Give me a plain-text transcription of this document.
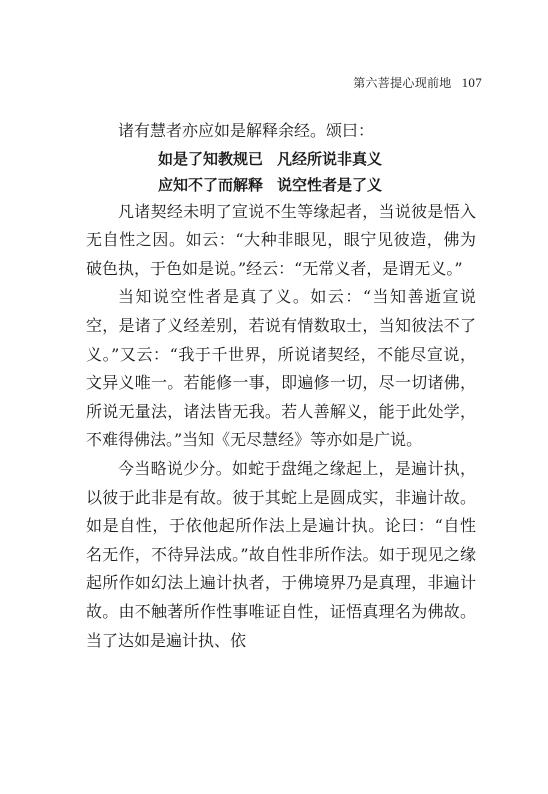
第六菩提心现前地 107

诸有慧者亦应如是解释余经。颂曰：

如是了知教规已 凡经所说非真义
应知不了而解释 说空性者是了义

凡诸契经未明了宣说不生等缘起者，当说彼是悟入无自性之因。如云：“大种非眼见，眼宁见彼造，佛为破色执，于色如是说。”经云：“无常义者，是谓无义。”

当知说空性者是真了义。如云：“当知善逝宣说空，是诸了义经差别，若说有情数取士，当知彼法不了义。”又云：“我于千世界，所说诸契经，不能尽宣说，文异义唯一。若能修一事，即遍修一切，尽一切诸佛，所说无量法，诸法皆无我。若人善解义，能于此处学，不难得佛法。”当知《无尽慧经》等亦如是广说。

今当略说少分。如蛇于盘绳之缘起上，是遍计执，以彼于此非是有故。彼于其蛇上是圆成实，非遍计故。如是自性，于依他起所作法上是遍计执。论曰：“自性名无作，不待异法成。”故自性非所作法。如于现见之缘起所作如幻法上遍计执者，于佛境界乃是真理，非遍计故。由不触著所作性事唯证自性，证悟真理名为佛故。当了达如是遍计执、依
